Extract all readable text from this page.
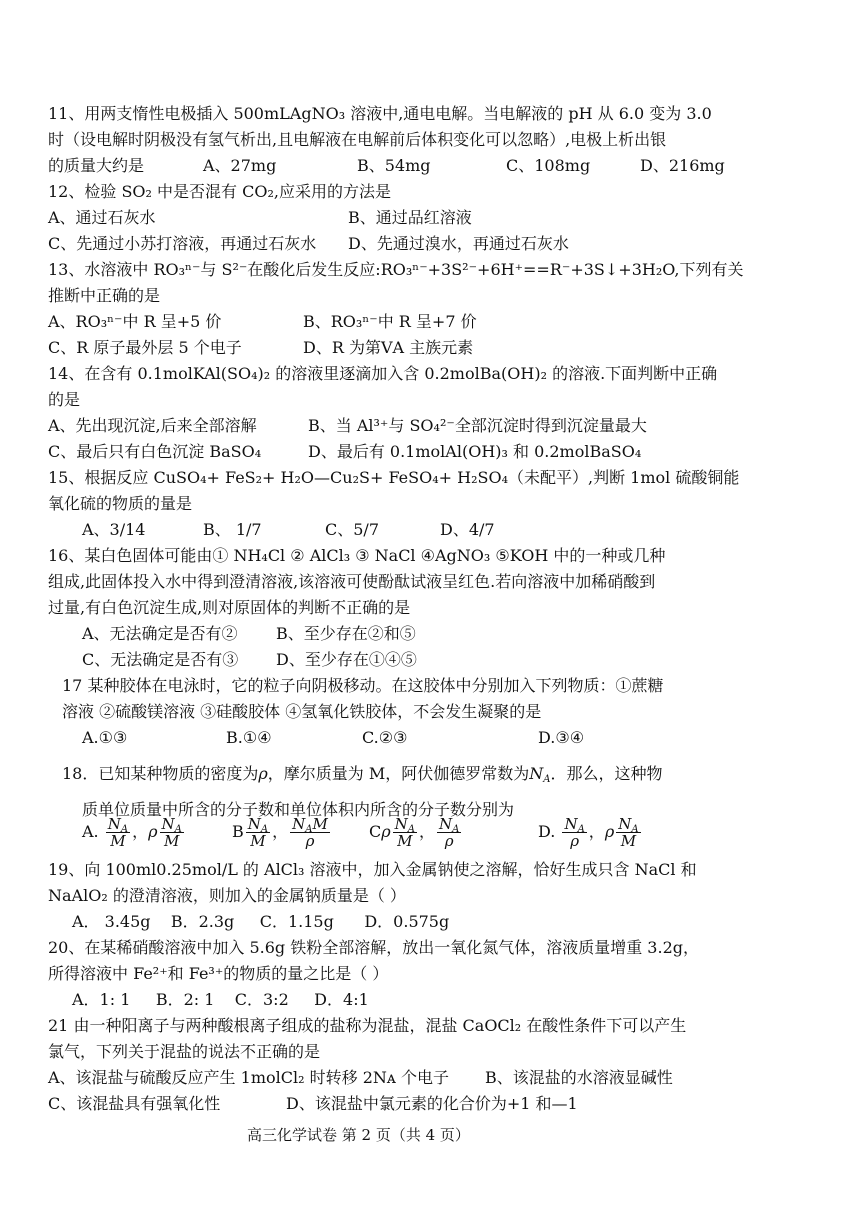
11、用两支惰性电极插入 500mLAgNO₃ 溶液中,通电电解。当电解液的 pH 从 6.0 变为 3.0
时（设电解时阴极没有氢气析出,且电解液在电解前后体积变化可以忽略）,电极上析出银
的质量大约是	A、27mg	B、54mg	C、108mg	D、216mg
12、检验 SO₂ 中是否混有 CO₂,应采用的方法是
A、通过石灰水	B、通过品红溶液
C、先通过小苏打溶液，再通过石灰水 D、先通过溴水，再通过石灰水
13、水溶液中 RO₃ⁿ⁻与 S²⁻在酸化后发生反应:RO₃ⁿ⁻+3S²⁻+6H⁺==R⁻+3S↓+3H₂O,下列有关
推断中正确的是
A、RO₃ⁿ⁻中 R 呈+5 价	B、RO₃ⁿ⁻中 R 呈+7 价
C、R 原子最外层 5 个电子	D、R 为第ⅤA 主族元素
14、在含有 0.1molKAl(SO₄)₂ 的溶液里逐滴加入含 0.2molBa(OH)₂ 的溶液.下面判断中正确
的是
A、先出现沉淀,后来全部溶解	B、当 Al³⁺与 SO₄²⁻全部沉淀时得到沉淀量最大
C、最后只有白色沉淀 BaSO₄	D、最后有 0.1molAl(OH)₃ 和 0.2molBaSO₄
15、根据反应 CuSO₄+ FeS₂+ H₂O—Cu₂S+ FeSO₄+ H₂SO₄（未配平）,判断 1mol 硫酸铜能
氧化硫的物质的量是
A、3/14	B、 1/7	C、5/7	D、4/7
16、某白色固体可能由① NH₄Cl ② AlCl₃ ③ NaCl ④AgNO₃ ⑤KOH 中的一种或几种
组成,此固体投入水中得到澄清溶液,该溶液可使酚酞试液呈红色.若向溶液中加稀硝酸到
过量,有白色沉淀生成,则对原固体的判断不正确的是
A、无法确定是否有② B、至少存在②和⑤
C、无法确定是否有③ D、至少存在①④⑤
17 某种胶体在电泳时，它的粒子向阴极移动。在这胶体中分别加入下列物质：①蔗糖
溶液 ②硫酸镁溶液 ③硅酸胶体 ④氢氧化铁胶体，不会发生凝聚的是
A.①③	B.①④	C.②③	D.③④
18．已知某种物质的密度为ρ，摩尔质量为 M，阿伏伽德罗常数为$N_A$．那么，这种物
质单位质量中所含的分子数和单位体积内所含的分子数分别为
A. $\frac{N_A}{M}$ ，ρ $\frac{N_A}{M}$	B $\frac{N_A}{M}$ ， $\frac{N_AM}{\rho}$ Cρ $\frac{N_A}{M}$ ， $\frac{N_A}{\rho}$	D. $\frac{N_A}{\rho}$ ，ρ $\frac{N_A}{M}$
19、向 100ml0.25mol/L 的 AlCl₃ 溶液中，加入金属钠使之溶解，恰好生成只含 NaCl 和
NaAlO₂ 的澄清溶液，则加入的金属钠质量是（ ）
A． 3.45g    B．2.3g     C．1.15g      D．0.575g
20、在某稀硝酸溶液中加入 5.6g 铁粉全部溶解，放出一氧化氮气体，溶液质量增重 3.2g，
所得溶液中 Fe²⁺和 Fe³⁺的物质的量之比是（ ）
A．1: 1     B．2: 1    C．3:2     D．4:1
21 由一种阳离子与两种酸根离子组成的盐称为混盐，混盐 CaOCl₂ 在酸性条件下可以产生
氯气，下列关于混盐的说法不正确的是
A、该混盐与硫酸反应产生 1molCl₂ 时转移 2Nᴀ 个电子 B、该混盐的水溶液显碱性
C、该混盐具有强氧化性	D、该混盐中氯元素的化合价为+1 和—1
高三化学试卷 第 2 页（共 4 页）
